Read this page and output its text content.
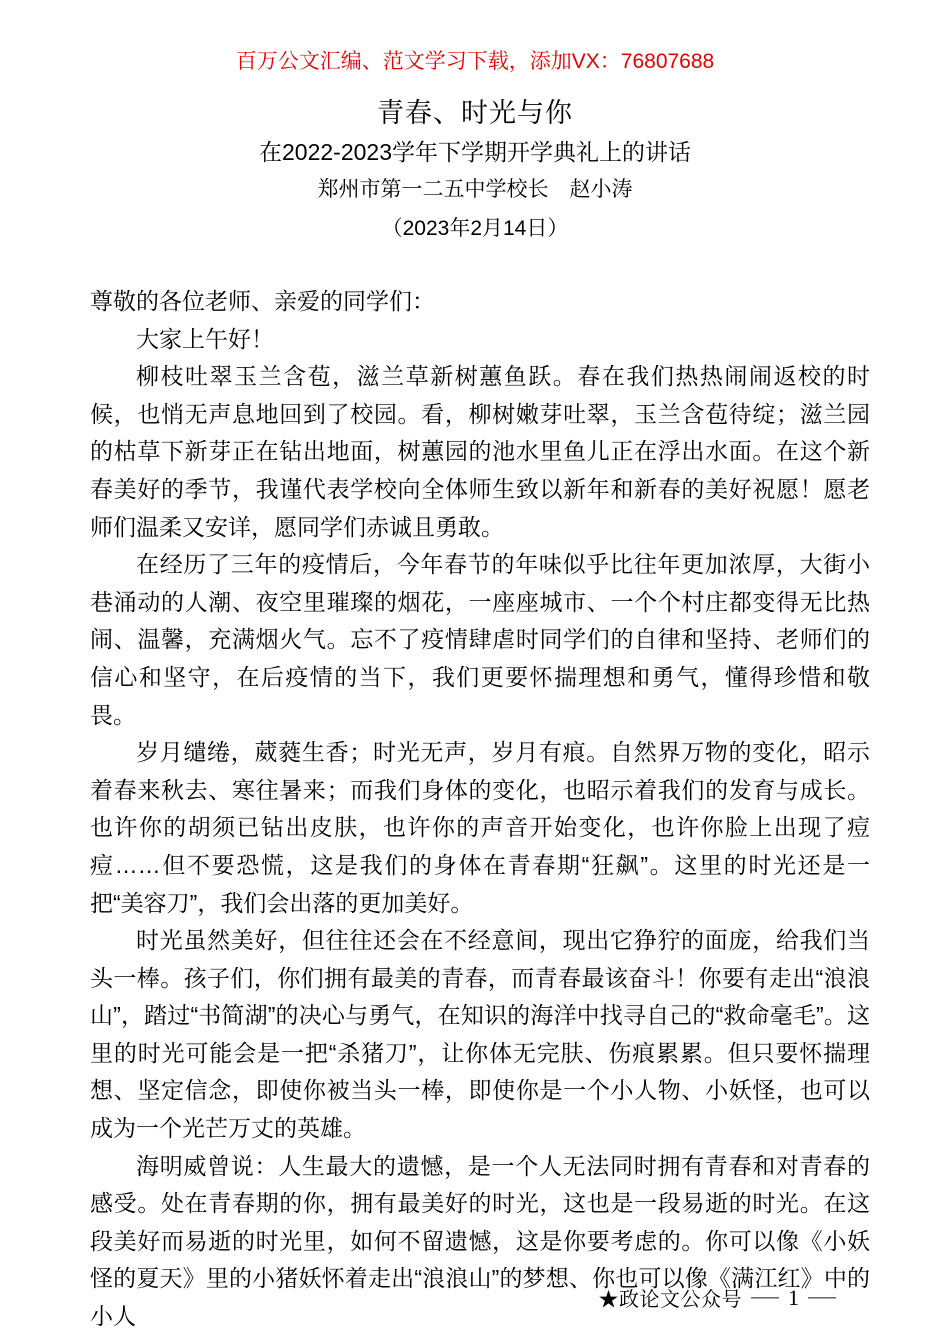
百万公文汇编、范文学习下载，添加VX：76807688
青春、时光与你
在2022-2023学年下学期开学典礼上的讲话
郑州市第一二五中学校长　赵小涛
（2023年2月14日）

尊敬的各位老师、亲爱的同学们：

大家上午好！

柳枝吐翠玉兰含苞，滋兰草新树蕙鱼跃。春在我们热热闹闹返校的时候，也悄无声息地回到了校园。看，柳树嫩芽吐翠，玉兰含苞待绽；滋兰园的枯草下新芽正在钻出地面，树蕙园的池水里鱼儿正在浮出水面。在这个新春美好的季节，我谨代表学校向全体师生致以新年和新春的美好祝愿！愿老师们温柔又安详，愿同学们赤诚且勇敢。

在经历了三年的疫情后，今年春节的年味似乎比往年更加浓厚，大街小巷涌动的人潮、夜空里璀璨的烟花，一座座城市、一个个村庄都变得无比热闹、温馨，充满烟火气。忘不了疫情肆虐时同学们的自律和坚持、老师们的信心和坚守，在后疫情的当下，我们更要怀揣理想和勇气，懂得珍惜和敬畏。

岁月缱绻，葳蕤生香；时光无声，岁月有痕。自然界万物的变化，昭示着春来秋去、寒往暑来；而我们身体的变化，也昭示着我们的发育与成长。也许你的胡须已钻出皮肤，也许你的声音开始变化，也许你脸上出现了痘痘……但不要恐慌，这是我们的身体在青春期“狂飙”。这里的时光还是一把“美容刀”，我们会出落的更加美好。

时光虽然美好，但往往还会在不经意间，现出它狰狞的面庞，给我们当头一棒。孩子们，你们拥有最美的青春，而青春最该奋斗！你要有走出“浪浪山”，踏过“书简湖”的决心与勇气，在知识的海洋中找寻自己的“救命毫毛”。这里的时光可能会是一把“杀猪刀”，让你体无完肤、伤痕累累。但只要怀揣理想、坚定信念，即使你被当头一棒，即使你是一个小人物、小妖怪，也可以成为一个光芒万丈的英雄。

海明威曾说：人生最大的遗憾，是一个人无法同时拥有青春和对青春的感受。处在青春期的你，拥有最美好的时光，这也是一段易逝的时光。在这段美好而易逝的时光里，如何不留遗憾，这是你要考虑的。你可以像《小妖怪的夏天》里的小猪妖怀着走出“浪浪山”的梦想、你也可以像《满江红》中的小人

★政论文公众号 — 1 —
